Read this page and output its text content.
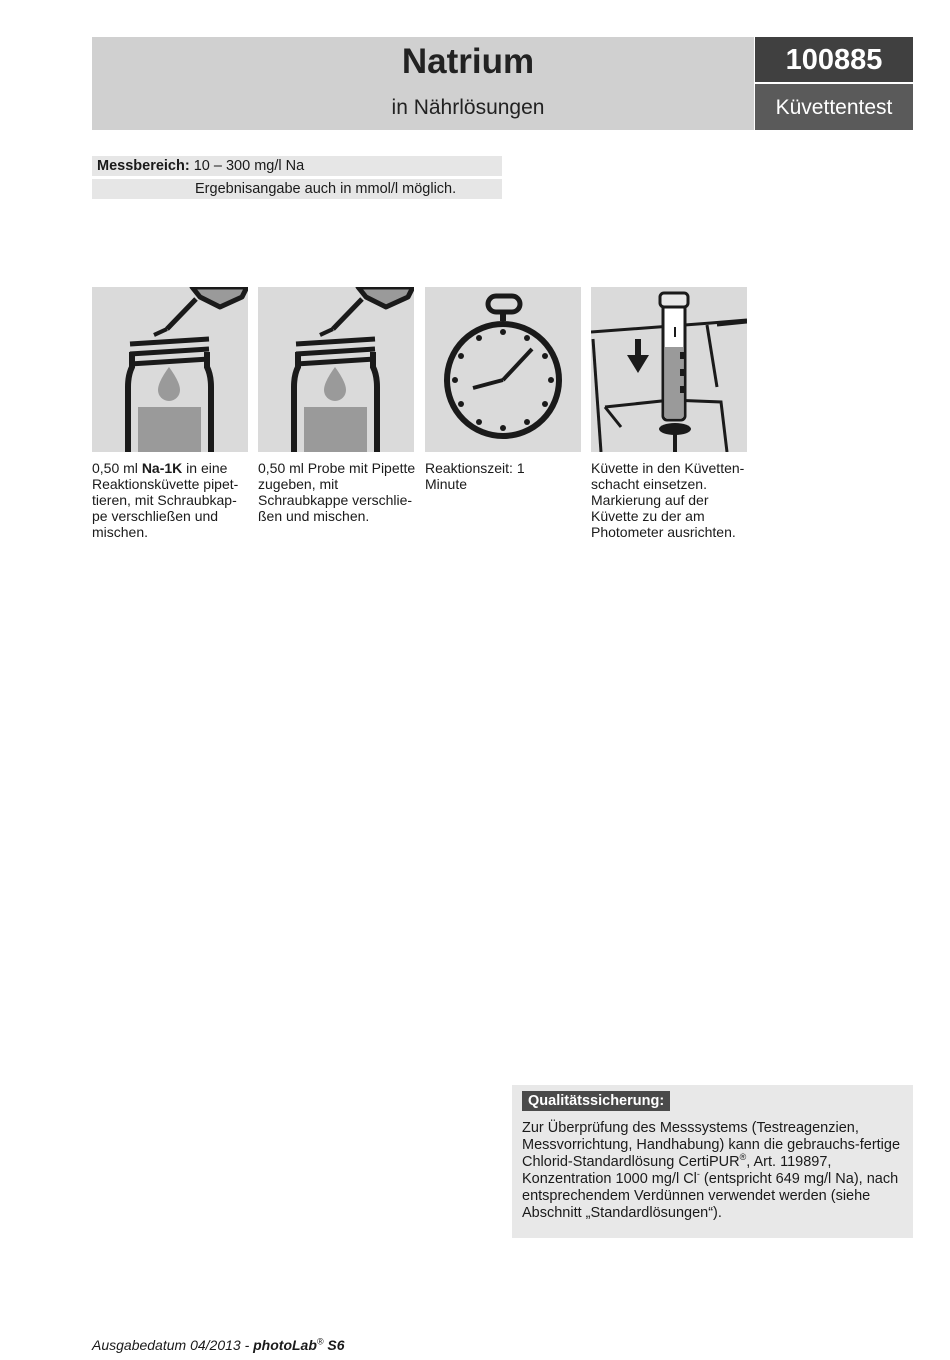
Natrium
in Nährlösungen
100885
Küvettentest
Messbereich: 10 – 300 mg/l Na
Ergebnisangabe auch in mmol/l möglich.
0,50 ml Na-1K in eine Reaktionsküvette pipet-tieren, mit Schraubkap-pe verschließen und mischen.
0,50 ml Probe mit Pipette zugeben, mit Schraubkappe verschlie-ßen und mischen.
Reaktionszeit: 1 Minute
Küvette in den Küvetten-schacht einsetzen. Markierung auf der Küvette zu der am Photometer ausrichten.
Qualitätssicherung:
Zur Überprüfung des Messsystems (Testreagenzien, Messvorrichtung, Handhabung) kann die gebrauchs-fertige Chlorid-Standardlösung CertiPUR®, Art. 119897, Konzentration 1000 mg/l Cl- (entspricht 649 mg/l Na), nach entsprechendem Verdünnen verwendet werden (siehe Abschnitt „Standardlösungen“).
Ausgabedatum 04/2013 - photoLab® S6
